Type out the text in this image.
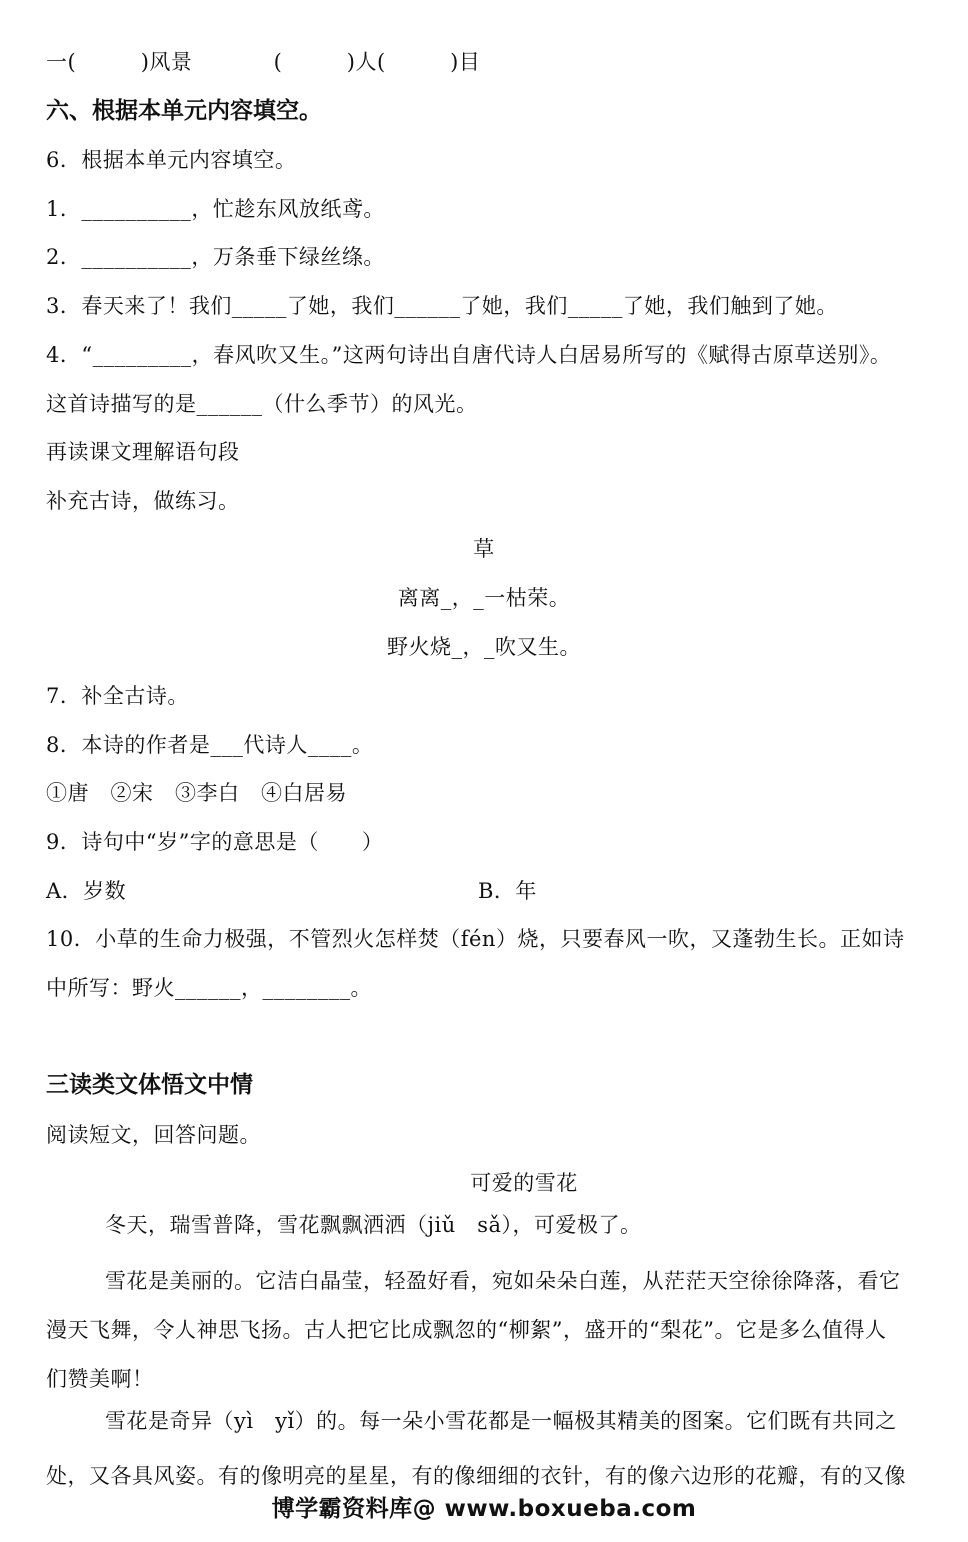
一(　　　)风景	(　　　)人(　　　)目
六、根据本单元内容填空。
6．根据本单元内容填空。
1．__________，忙趁东风放纸鸢。
2．__________，万条垂下绿丝绦。
3．春天来了！我们_____了她，我们______了她，我们_____了她，我们触到了她。
4．“_________，春风吹又生。”这两句诗出自唐代诗人白居易所写的《赋得古原草送别》。
这首诗描写的是______（什么季节）的风光。
再读课文理解语句段
补充古诗，做练习。
草
离离_，_一枯荣。
野火烧_，_吹又生。
7．补全古诗。
8．本诗的作者是___代诗人____。
①唐　②宋　③李白　④白居易
9．诗句中“岁”字的意思是（　　）
A．岁数	B．年
10．小草的生命力极强，不管烈火怎样焚（fén）烧，只要春风一吹，又蓬勃生长。正如诗
中所写：野火______，________。
三读类文体悟文中情
阅读短文，回答问题。
可爱的雪花
冬天，瑞雪普降，雪花飘飘洒洒（jiǔ　sǎ），可爱极了。
雪花是美丽的。它洁白晶莹，轻盈好看，宛如朵朵白莲，从茫茫天空徐徐降落，看它
漫天飞舞，令人神思飞扬。古人把它比成飘忽的“柳絮”，盛开的“梨花”。它是多么值得人
们赞美啊！
雪花是奇异（yì　yǐ）的。每一朵小雪花都是一幅极其精美的图案。它们既有共同之
处，又各具风姿。有的像明亮的星星，有的像细细的衣针，有的像六边形的花瓣，有的又像
博学霸资料库@ www.boxueba.com
